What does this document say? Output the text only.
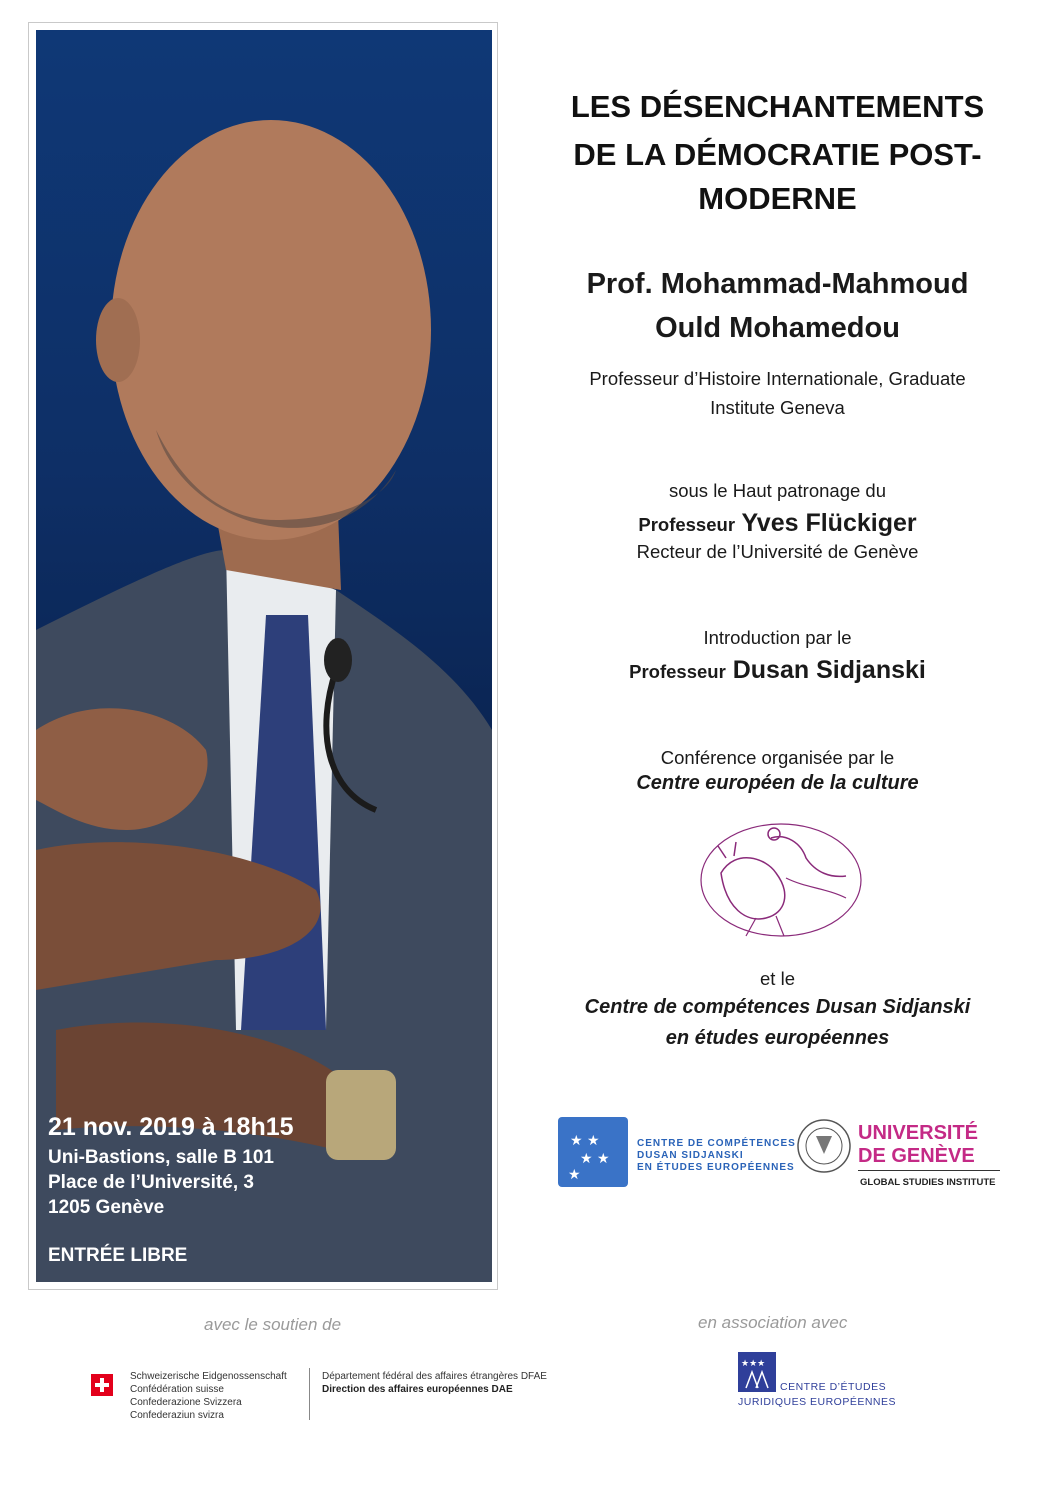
21 nov. 2019 à 18h15
Uni-Bastions, salle B 101
Place de l’Université, 3
1205 Genève
ENTRÉE LIBRE
LES DÉSENCHANTEMENTS
DE LA DÉMOCRATIE POST-
MODERNE
Prof. Mohammad-Mahmoud
Ould Mohamedou
Professeur d’Histoire Internationale, Graduate
Institute Geneva
sous le Haut patronage du
Professeur Yves Flückiger
Recteur de l’Université de Genève
Introduction par le
Professeur Dusan Sidjanski
Conférence organisée par le
Centre européen de la culture
et le
Centre de compétences Dusan Sidjanski
en études européennes
★ ★
★ ★
★
CENTRE DE COMPÉTENCES
DUSAN SIDJANSKI
EN ÉTUDES EUROPÉENNES
UNIVERSITÉ
DE GENÈVE
GLOBAL STUDIES INSTITUTE
avec le soutien de	en association avec
Schweizerische Eidgenossenschaft
Confédération suisse
Confederazione Svizzera
Confederaziun svizra
Département fédéral des affaires étrangères DFAE
Direction des affaires européennes DAE
★★★
CENTRE D’ÉTUDES
JURIDIQUES EUROPÉENNES
